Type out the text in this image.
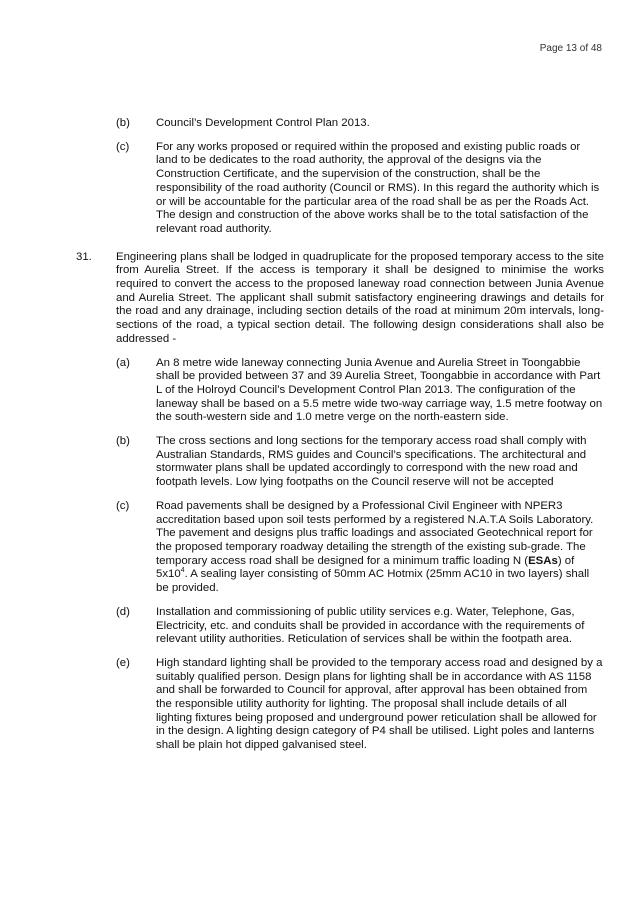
Page 13 of 48
(b)	Council’s Development Control Plan 2013.
(c)	For any works proposed or required within the proposed and existing public roads or land to be dedicates to the road authority, the approval of the designs via the Construction Certificate, and the supervision of the construction, shall be the responsibility of the road authority (Council or RMS). In this regard the authority which is or will be accountable for the particular area of the road shall be as per the Roads Act. The design and construction of the above works shall be to the total satisfaction of the relevant road authority.
31.	Engineering plans shall be lodged in quadruplicate for the proposed temporary access to the site from Aurelia Street. If the access is temporary it shall be designed to minimise the works required to convert the access to the proposed laneway road connection between Junia Avenue and Aurelia Street. The applicant shall submit satisfactory engineering drawings and details for the road and any drainage, including section details of the road at minimum 20m intervals, long-sections of the road, a typical section detail. The following design considerations shall also be addressed -
(a)	An 8 metre wide laneway connecting Junia Avenue and Aurelia Street in Toongabbie shall be provided between 37 and 39 Aurelia Street, Toongabbie in accordance with Part L of the Holroyd Council’s Development Control Plan 2013. The configuration of the laneway shall be based on a 5.5 metre wide two-way carriage way, 1.5 metre footway on the south-western side and 1.0 metre verge on the north-eastern side.
(b)	The cross sections and long sections for the temporary access road shall comply with Australian Standards, RMS guides and Council’s specifications. The architectural and stormwater plans shall be updated accordingly to correspond with the new road and footpath levels. Low lying footpaths on the Council reserve will not be accepted
(c)	Road pavements shall be designed by a Professional Civil Engineer with NPER3 accreditation based upon soil tests performed by a registered N.A.T.A Soils Laboratory. The pavement and designs plus traffic loadings and associated Geotechnical report for the proposed temporary roadway detailing the strength of the existing sub-grade. The temporary access road shall be designed for a minimum traffic loading N (ESAs) of $5x10^4$. A sealing layer consisting of 50mm AC Hotmix (25mm AC10 in two layers) shall be provided.
(d)	Installation and commissioning of public utility services e.g. Water, Telephone, Gas, Electricity, etc. and conduits shall be provided in accordance with the requirements of relevant utility authorities. Reticulation of services shall be within the footpath area.
(e)	High standard lighting shall be provided to the temporary access road and designed by a suitably qualified person. Design plans for lighting shall be in accordance with AS 1158 and shall be forwarded to Council for approval, after approval has been obtained from the responsible utility authority for lighting. The proposal shall include details of all lighting fixtures being proposed and underground power reticulation shall be allowed for in the design. A lighting design category of P4 shall be utilised. Light poles and lanterns shall be plain hot dipped galvanised steel.
